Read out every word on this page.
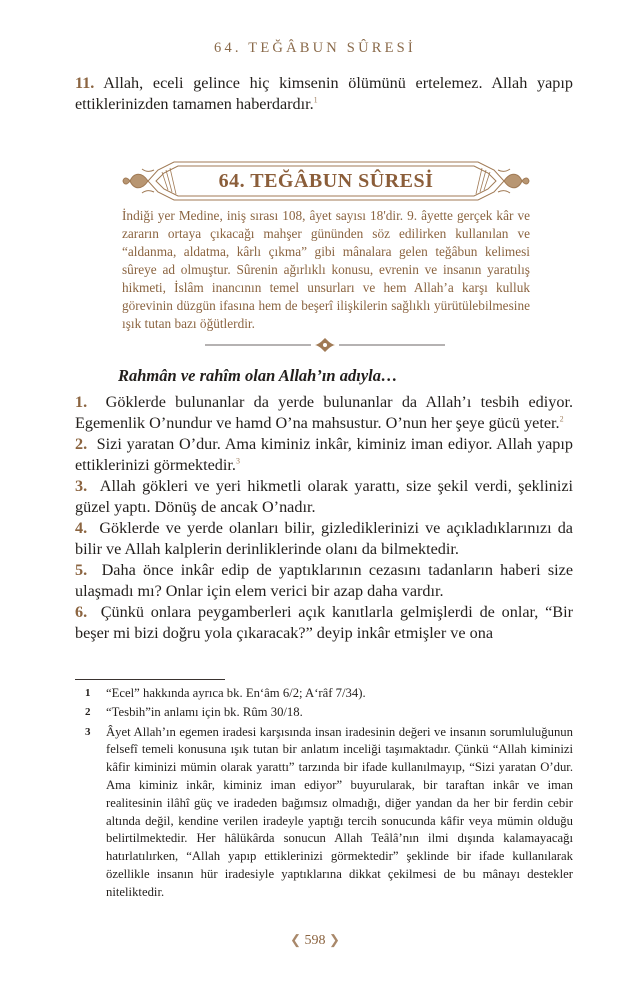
64. TEĞÂBUN SÛRESİ

11. Allah, eceli gelince hiç kimsenin ölümünü ertelemez. Allah yapıp ettiklerinizden tamamen haberdardır.$^1$

64. TEĞÂBUN SÛRESİ
İndiği yer Medine, iniş sırası 108, âyet sayısı 18'dir. 9. âyette gerçek kâr ve zararın ortaya çıkacağı mahşer gününden söz edilirken kullanılan ve “aldanma, aldatma, kârlı çıkma” gibi mânalara gelen teğâbun kelimesi sûreye ad olmuştur. Sûrenin ağırlıklı konusu, evrenin ve insanın yaratılış hikmeti, İslâm inancının temel unsurları ve hem Allah’a karşı kulluk görevinin düzgün ifasına hem de beşerî ilişkilerin sağlıklı yürütülebilmesine ışık tutan bazı öğütlerdir.
Rahmân ve rahîm olan Allah’ın adıyla…

1. Göklerde bulunanlar da yerde bulunanlar da Allah’ı tesbih ediyor. Egemenlik O’nundur ve hamd O’na mahsustur. O’nun her şeye gücü yeter.$^2$

2. Sizi yaratan O’dur. Ama kiminiz inkâr, kiminiz iman ediyor. Allah yapıp ettiklerinizi görmektedir.$^3$

3. Allah gökleri ve yeri hikmetli olarak yarattı, size şekil verdi, şeklinizi güzel yaptı. Dönüş de ancak O’nadır.

4. Göklerde ve yerde olanları bilir, gizlediklerinizi ve açıkladıklarınızı da bilir ve Allah kalplerin derinliklerinde olanı da bilmektedir.

5. Daha önce inkâr edip de yaptıklarının cezasını tadanların haberi size ulaşmadı mı? Onlar için elem verici bir azap daha vardır.

6. Çünkü onlara peygamberleri açık kanıtlarla gelmişlerdi de onlar, “Bir beşer mi bizi doğru yola çıkaracak?” deyip inkâr etmişler ve ona

1	“Ecel” hakkında ayrıca bk. En‘âm 6/2; A‘râf 7/34).
2	“Tesbih”in anlamı için bk. Rûm 30/18.
3	Âyet Allah’ın egemen iradesi karşısında insan iradesinin değeri ve insanın sorumluluğunun felsefî temeli konusuna ışık tutan bir anlatım inceliği taşımaktadır. Çünkü “Allah kiminizi kâfir kiminizi mümin olarak yarattı” tarzında bir ifade kullanılmayıp, “Sizi yaratan O’dur. Ama kiminiz inkâr, kiminiz iman ediyor” buyurularak, bir taraftan inkâr ve iman realitesinin ilâhî güç ve iradeden bağımsız olmadığı, diğer yandan da her bir ferdin cebir altında değil, kendine verilen iradeyle yaptığı tercih sonucunda kâfir veya mümin olduğu belirtilmektedir. Her hâlükârda sonucun Allah Teâlâ’nın ilmi dışında kalamayacağı hatırlatılırken, “Allah yapıp ettiklerinizi görmektedir” şeklinde bir ifade kullanılarak özellikle insanın hür iradesiyle yaptıklarına dikkat çekilmesi de bu mânayı destekler niteliktedir.
❮ 598 ❯
